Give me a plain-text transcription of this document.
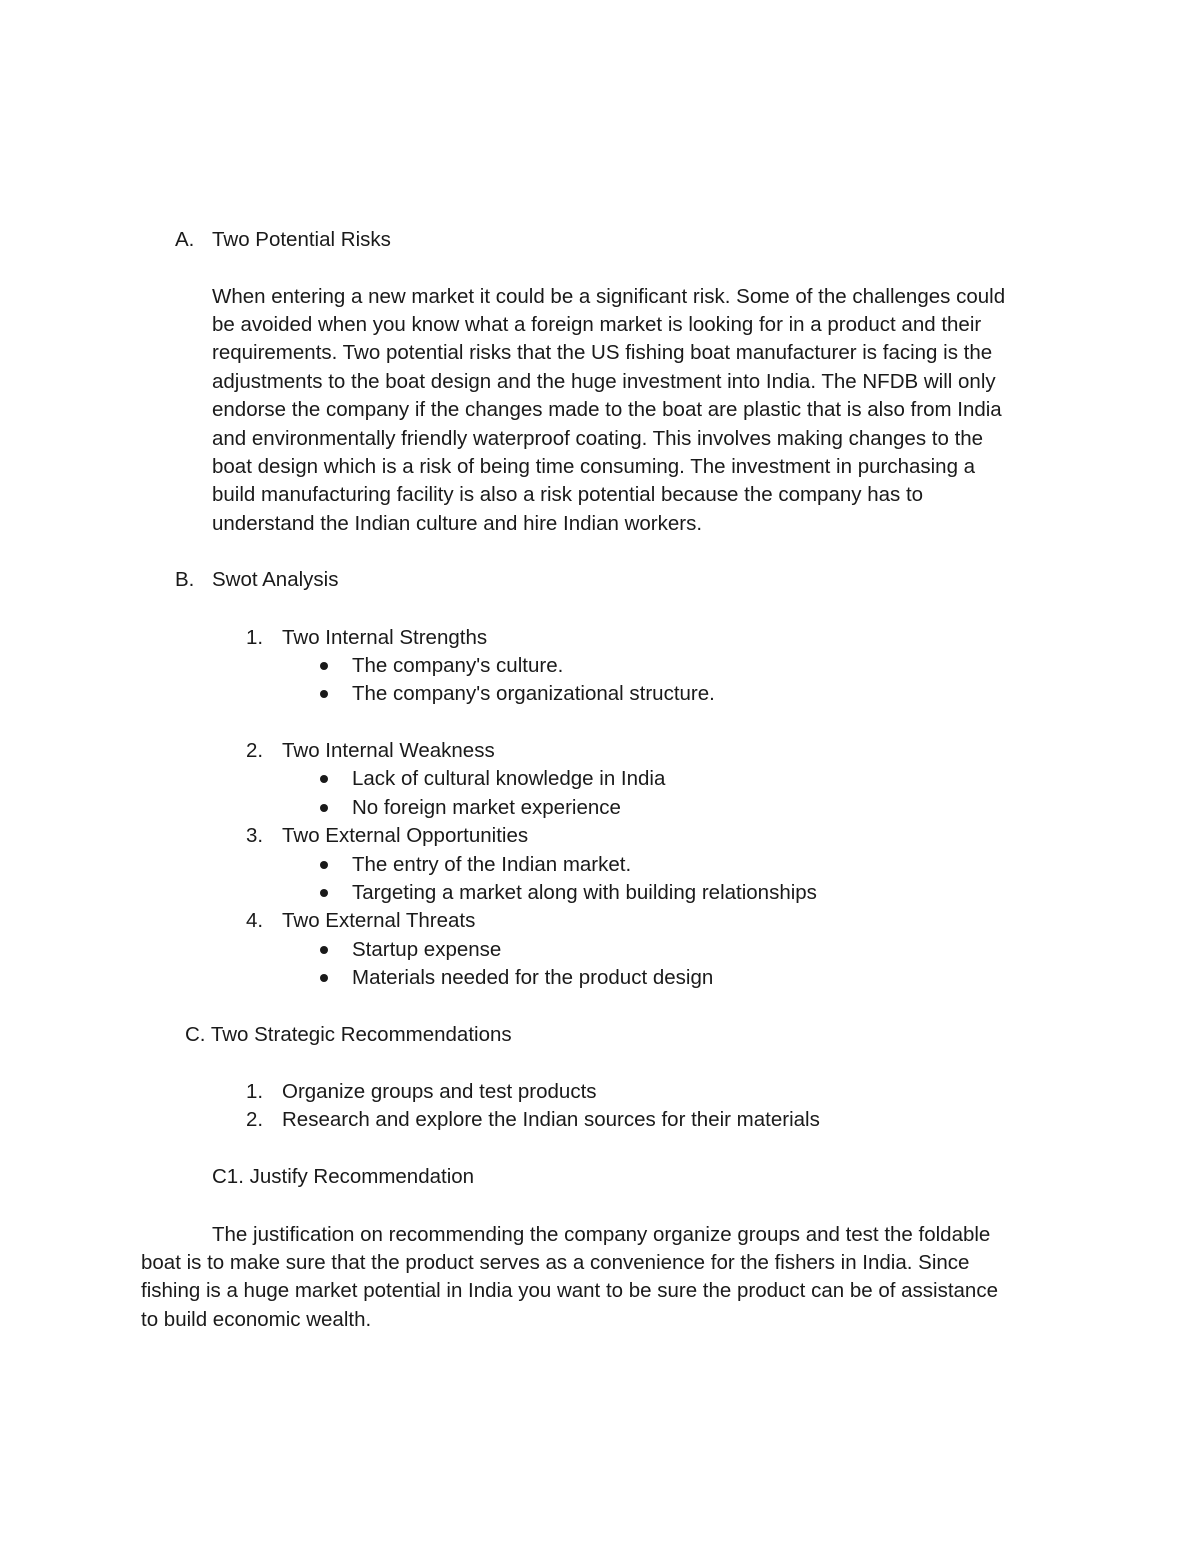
A. Two Potential Risks
When entering a new market it could be a significant risk. Some of the challenges could
be avoided when you know what a foreign market is looking for in a product and their
requirements. Two potential risks that the US fishing boat manufacturer is facing is the
adjustments to the boat design and the huge investment into India. The NFDB will only
endorse the company if the changes made to the boat are plastic that is also from India
and environmentally friendly waterproof coating. This involves making changes to the
boat design which is a risk of being time consuming. The investment in purchasing a
build manufacturing facility is also a risk potential because the company has to
understand the Indian culture and hire Indian workers.
B. Swot Analysis
1. Two Internal Strengths
The company's culture.
The company's organizational structure.
2. Two Internal Weakness
Lack of cultural knowledge in India
No foreign market experience
3. Two External Opportunities
The entry of the Indian market.
Targeting a market along with building relationships
4. Two External Threats
Startup expense
Materials needed for the product design
C. Two Strategic Recommendations
1. Organize groups and test products
2. Research and explore the Indian sources for their materials
C1. Justify Recommendation
The justification on recommending the company organize groups and test the foldable
boat is to make sure that the product serves as a convenience for the fishers in India. Since
fishing is a huge market potential in India you want to be sure the product can be of assistance
to build economic wealth.
